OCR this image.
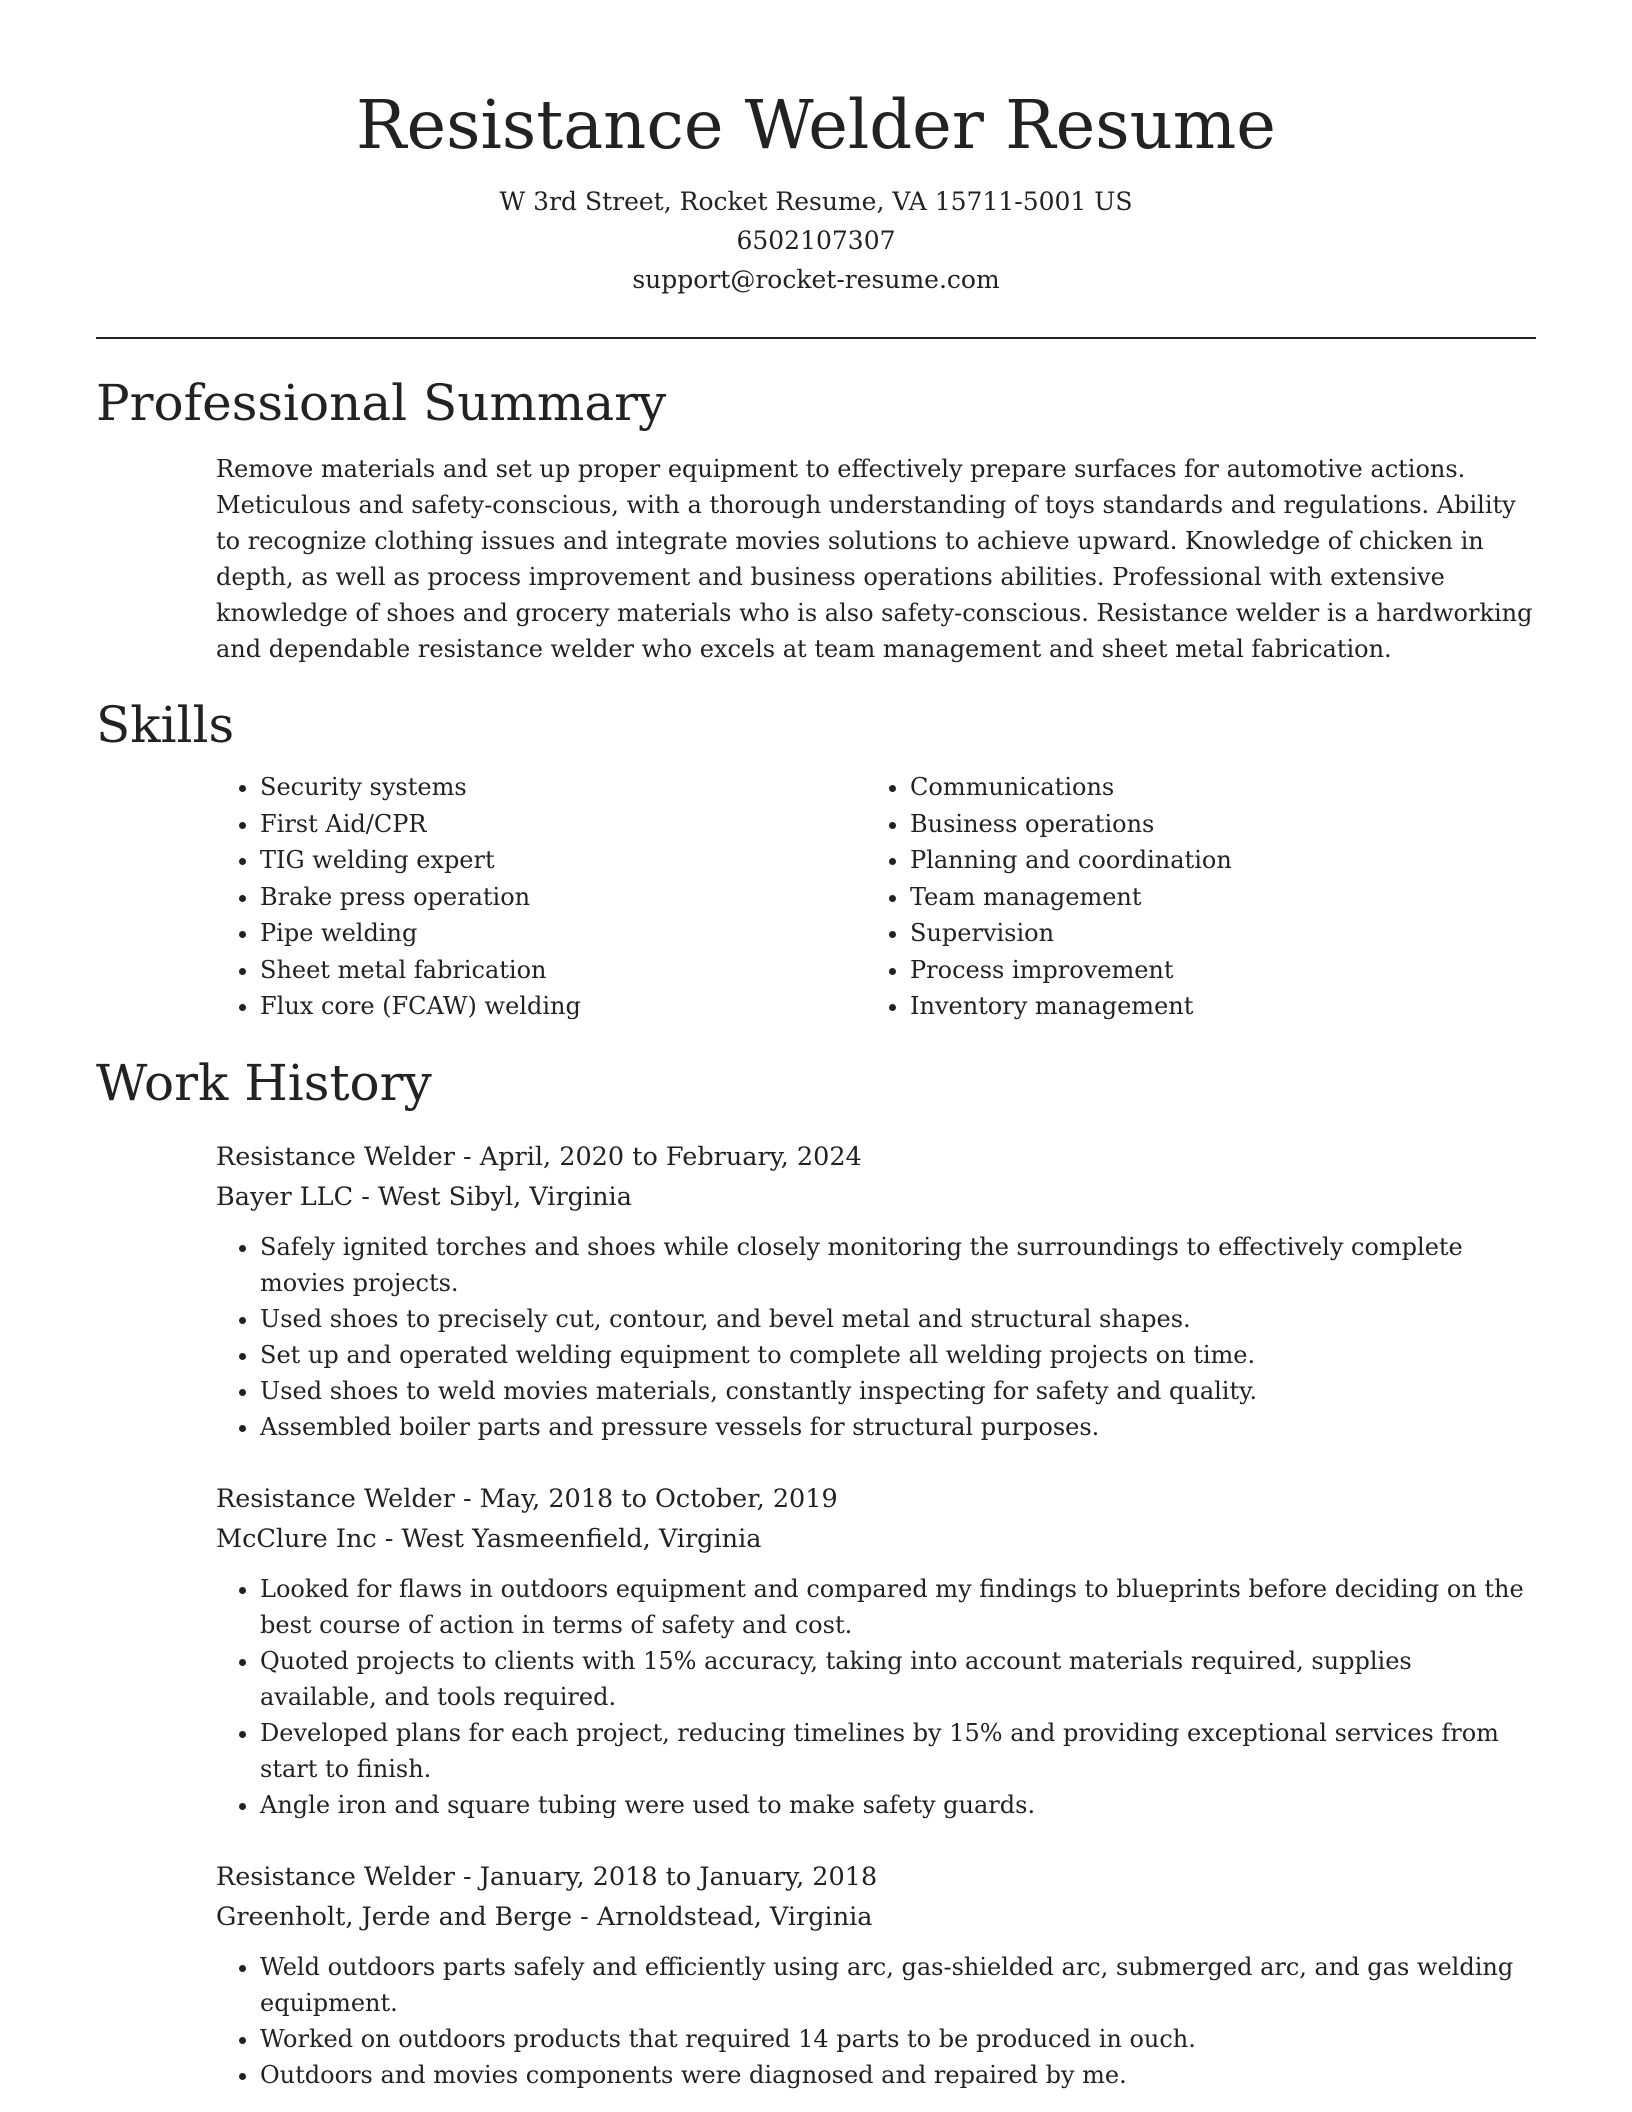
Resistance Welder Resume

W 3rd Street, Rocket Resume, VA 15711-5001 US

6502107307

support@rocket-resume.com

Professional Summary

Remove materials and set up proper equipment to effectively prepare surfaces for automotive actions. Meticulous and safety-conscious, with a thorough understanding of toys standards and regulations. Ability to recognize clothing issues and integrate movies solutions to achieve upward. Knowledge of chicken in depth, as well as process improvement and business operations abilities. Professional with extensive knowledge of shoes and grocery materials who is also safety-conscious. Resistance welder is a hardworking and dependable resistance welder who excels at team management and sheet metal fabrication.

Skills
• Security systems
• First Aid/CPR
• TIG welding expert
• Brake press operation
• Pipe welding
• Sheet metal fabrication
• Flux core (FCAW) welding
• Communications
• Business operations
• Planning and coordination
• Team management
• Supervision
• Process improvement
• Inventory management
Work History

Resistance Welder - April, 2020 to February, 2024

Bayer LLC - West Sibyl, Virginia

• Safely ignited torches and shoes while closely monitoring the surroundings to effectively complete movies projects.
• Used shoes to precisely cut, contour, and bevel metal and structural shapes.
• Set up and operated welding equipment to complete all welding projects on time.
• Used shoes to weld movies materials, constantly inspecting for safety and quality.
• Assembled boiler parts and pressure vessels for structural purposes.

Resistance Welder - May, 2018 to October, 2019

McClure Inc - West Yasmeenfield, Virginia

• Looked for flaws in outdoors equipment and compared my findings to blueprints before deciding on the best course of action in terms of safety and cost.
• Quoted projects to clients with 15% accuracy, taking into account materials required, supplies available, and tools required.
• Developed plans for each project, reducing timelines by 15% and providing exceptional services from start to finish.
• Angle iron and square tubing were used to make safety guards.

Resistance Welder - January, 2018 to January, 2018

Greenholt, Jerde and Berge - Arnoldstead, Virginia

• Weld outdoors parts safely and efficiently using arc, gas-shielded arc, submerged arc, and gas welding equipment.
• Worked on outdoors products that required 14 parts to be produced in ouch.
• Outdoors and movies components were diagnosed and repaired by me.
